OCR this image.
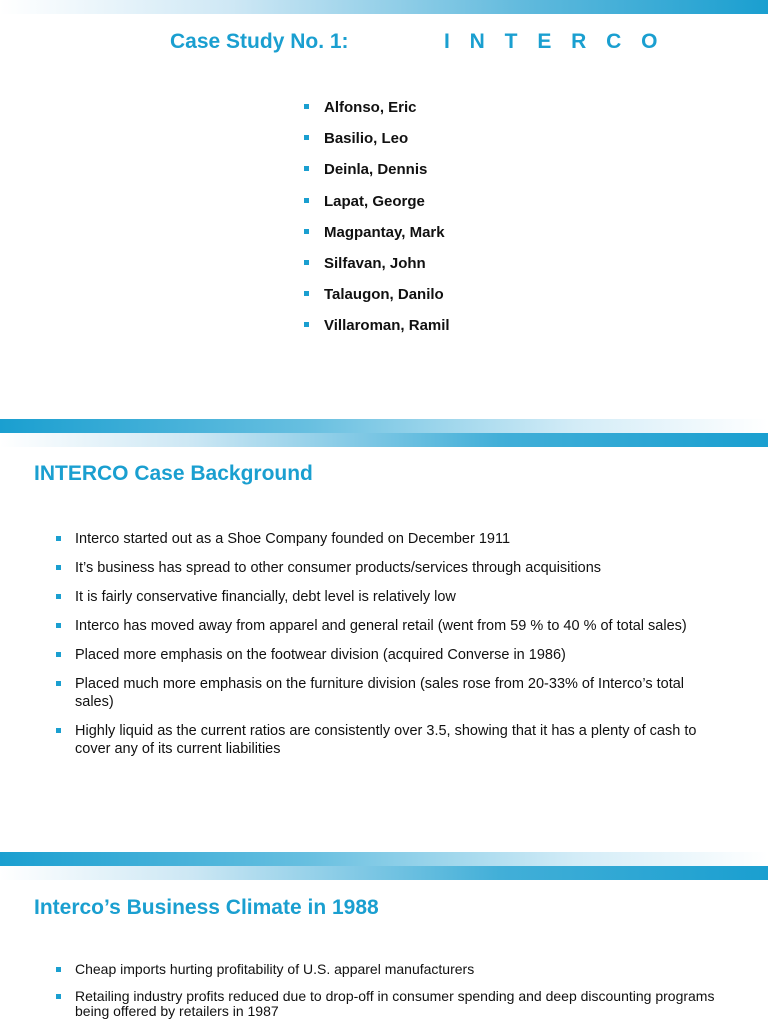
Case Study No. 1:	I N T E R C O
Alfonso, Eric
Basilio, Leo
Deinla, Dennis
Lapat, George
Magpantay, Mark
Silfavan, John
Talaugon, Danilo
Villaroman, Ramil
INTERCO Case Background
Interco started out as a Shoe Company founded on December 1911
It’s business has spread to other consumer products/services through acquisitions
It is fairly conservative financially, debt level is relatively low
Interco has moved away from apparel and general retail (went from 59 % to 40 % of total sales)
Placed more emphasis on the footwear division (acquired Converse in 1986)
Placed much more emphasis on the furniture division (sales rose from 20-33% of Interco’s total sales)
Highly liquid as the current ratios are consistently over 3.5, showing that it has a plenty of cash to cover any of its current liabilities
Interco’s Business Climate in 1988
Cheap imports hurting profitability of U.S. apparel manufacturers
Retailing industry profits reduced due to drop-off in consumer spending and deep discounting programs being offered by retailers in 1987
